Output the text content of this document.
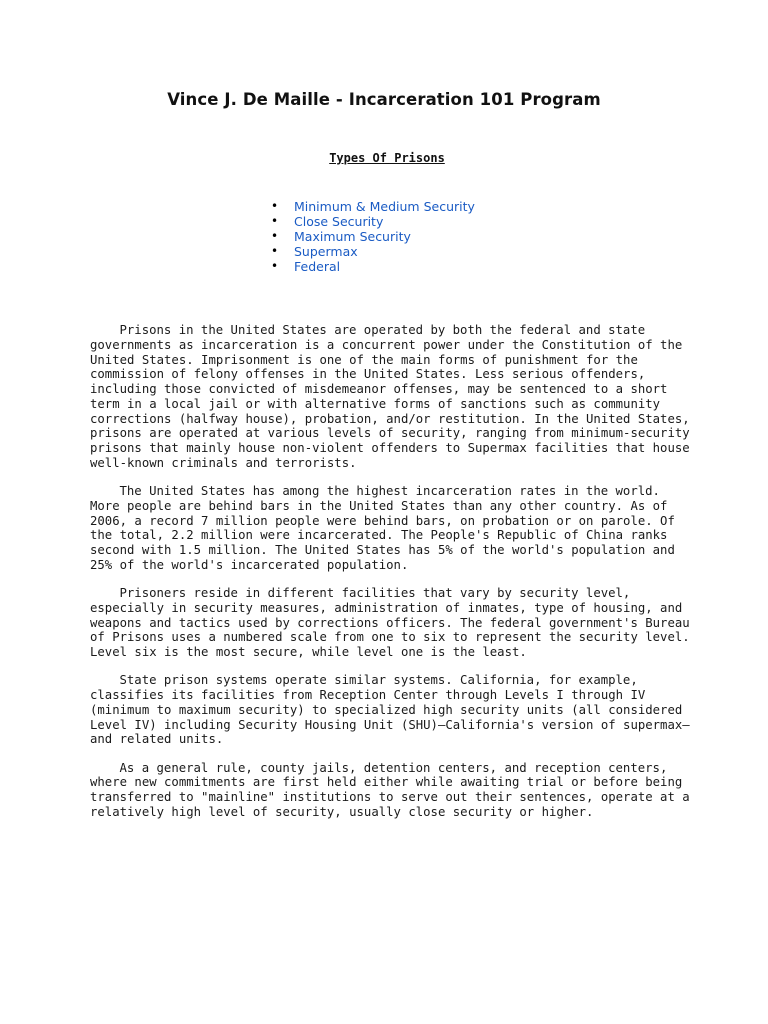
Vince J. De Maille - Incarceration 101 Program
Types Of Prisons
• Minimum & Medium Security
• Close Security
• Maximum Security
• Supermax
• Federal

Prisons in the United States are operated by both the federal and state governments as incarceration is a concurrent power under the Constitution of the United States. Imprisonment is one of the main forms of punishment for the commission of felony offenses in the United States. Less serious offenders, including those convicted of misdemeanor offenses, may be sentenced to a short term in a local jail or with alternative forms of sanctions such as community corrections (halfway house), probation, and/or restitution. In the United States, prisons are operated at various levels of security, ranging from minimum-security prisons that mainly house non-violent offenders to Supermax facilities that house well-known criminals and terrorists.

The United States has among the highest incarceration rates in the world. More people are behind bars in the United States than any other country. As of 2006, a record 7 million people were behind bars, on probation or on parole. Of the total, 2.2 million were incarcerated. The People's Republic of China ranks second with 1.5 million. The United States has 5% of the world's population and 25% of the world's incarcerated population.

Prisoners reside in different facilities that vary by security level, especially in security measures, administration of inmates, type of housing, and weapons and tactics used by corrections officers. The federal government's Bureau of Prisons uses a numbered scale from one to six to represent the security level. Level six is the most secure, while level one is the least.

State prison systems operate similar systems. California, for example, classifies its facilities from Reception Center through Levels I through IV (minimum to maximum security) to specialized high security units (all considered Level IV) including Security Housing Unit (SHU)—California's version of supermax—and related units.

As a general rule, county jails, detention centers, and reception centers, where new commitments are first held either while awaiting trial or before being transferred to "mainline" institutions to serve out their sentences, operate at a relatively high level of security, usually close security or higher.
